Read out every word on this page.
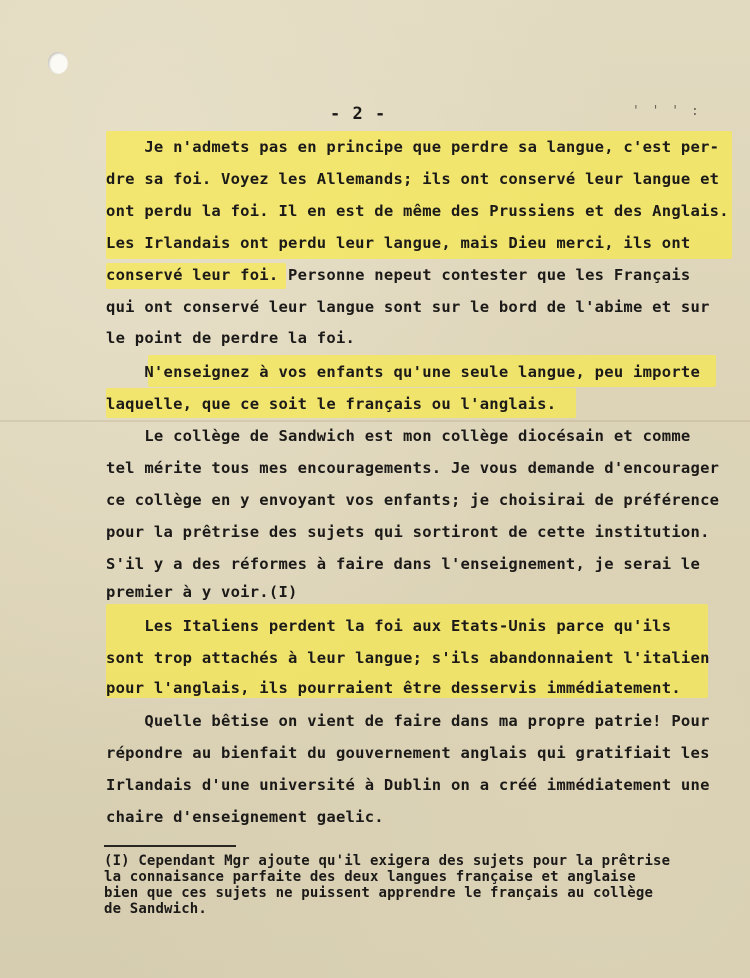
- 2 -	' ' ' :
Je n'admets pas en principe que perdre sa langue, c'est per-
dre sa foi. Voyez les Allemands; ils ont conservé leur langue et
ont perdu la foi. Il en est de même des Prussiens et des Anglais.
Les Irlandais ont perdu leur langue, mais Dieu merci, ils ont
conservé leur foi. Personne nepeut contester que les Français
qui ont conservé leur langue sont sur le bord de l'abime et sur
le point de perdre la foi.
N'enseignez à vos enfants qu'une seule langue, peu importe
laquelle, que ce soit le français ou l'anglais.
Le collège de Sandwich est mon collège diocésain et comme
tel mérite tous mes encouragements. Je vous demande d'encourager
ce collège en y envoyant vos enfants; je choisirai de préférence
pour la prêtrise des sujets qui sortiront de cette institution.
S'il y a des réformes à faire dans l'enseignement, je serai le
premier à y voir.(I)
Les Italiens perdent la foi aux Etats-Unis parce qu'ils
sont trop attachés à leur langue; s'ils abandonnaient l'italien
pour l'anglais, ils pourraient être desservis immédiatement.
Quelle bêtise on vient de faire dans ma propre patrie! Pour
répondre au bienfait du gouvernement anglais qui gratifiait les
Irlandais d'une université à Dublin on a créé immédiatement une
chaire d'enseignement gaelic.
(I) Cependant Mgr ajoute qu'il exigera des sujets pour la prêtrise
la connaisance parfaite des deux langues française et anglaise
bien que ces sujets ne puissent apprendre le français au collège
de Sandwich.
